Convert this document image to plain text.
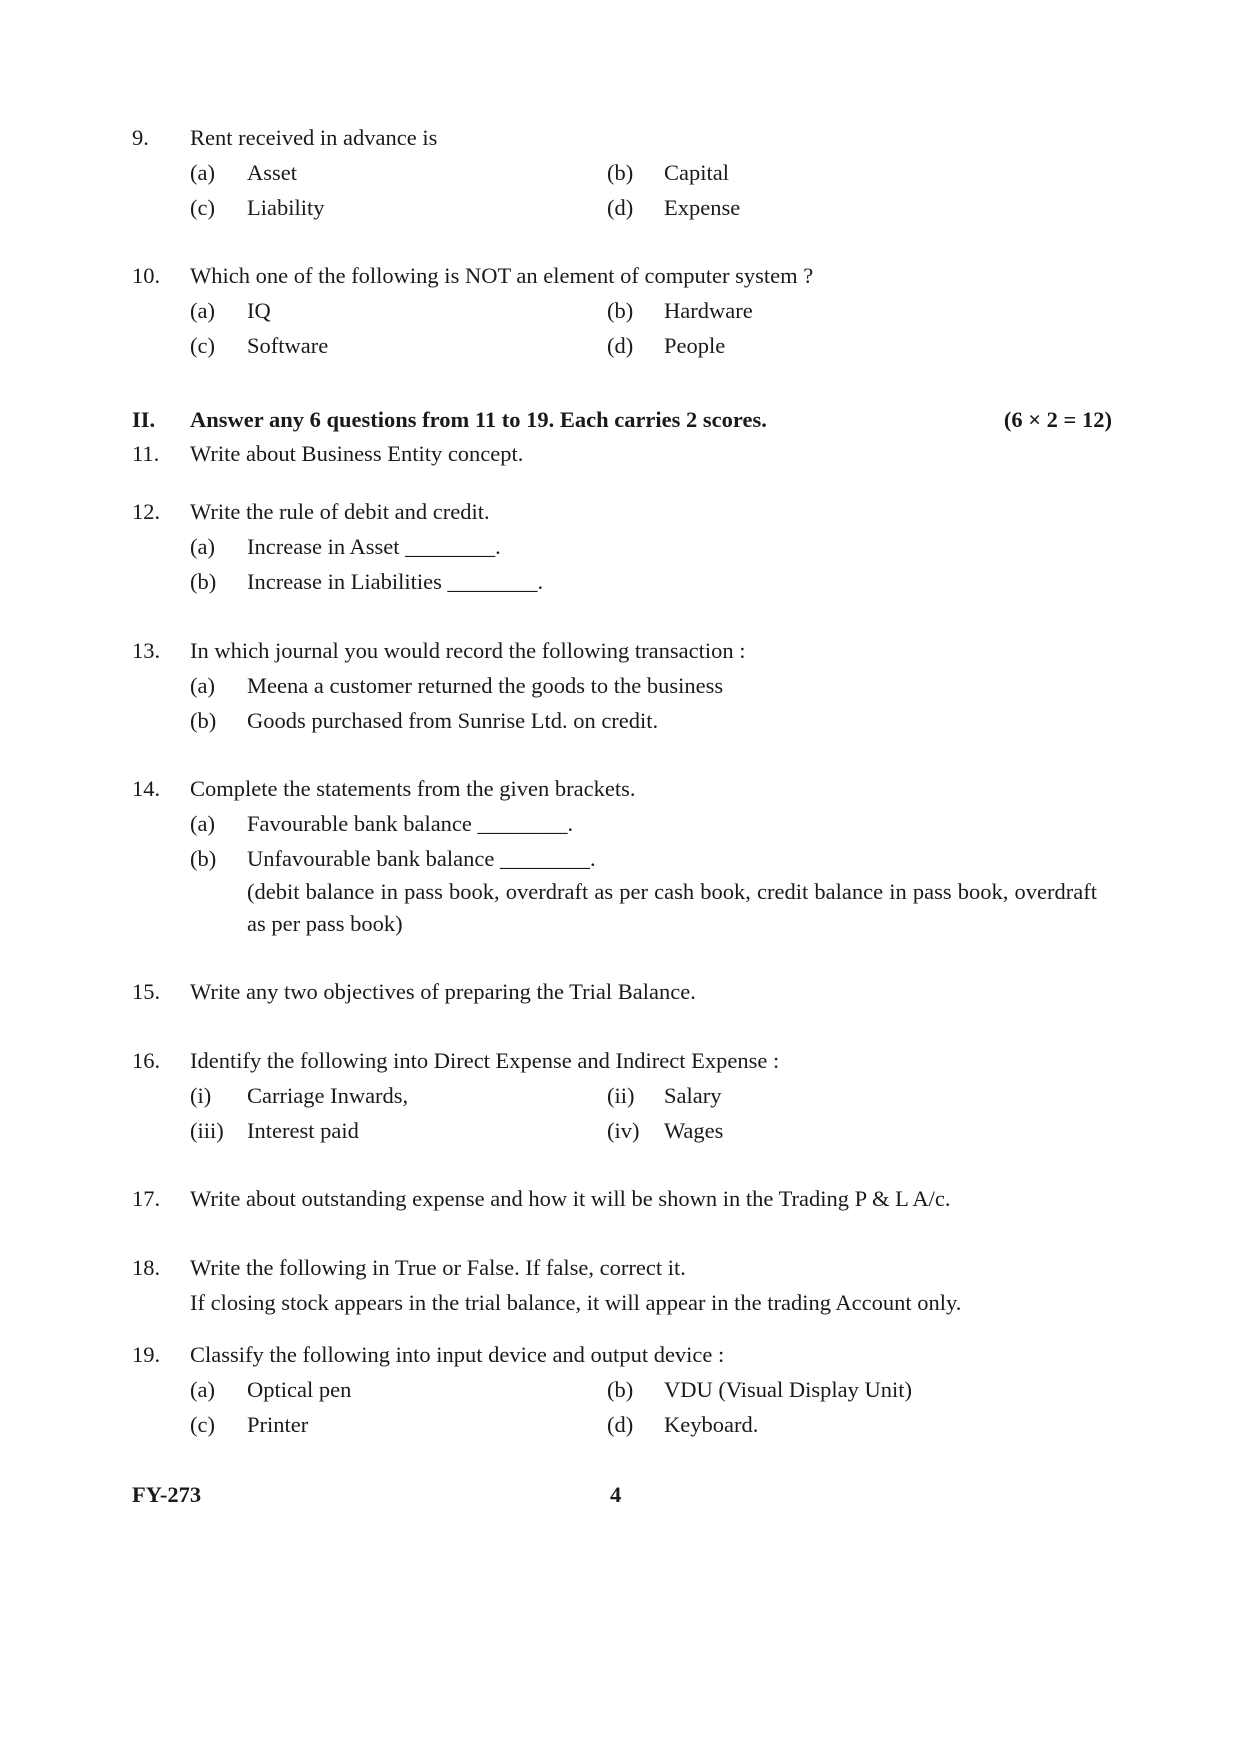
9. Rent received in advance is
(a) Asset	(b) Capital
(c) Liability	(d) Expense
10. Which one of the following is NOT an element of computer system ?
(a) IQ	(b) Hardware
(c) Software	(d) People
II. Answer any 6 questions from 11 to 19. Each carries 2 scores.	(6 × 2 = 12)
11. Write about Business Entity concept.
12. Write the rule of debit and credit.
(a) Increase in Asset ________.
(b) Increase in Liabilities ________.
13. In which journal you would record the following transaction :
(a) Meena a customer returned the goods to the business
(b) Goods purchased from Sunrise Ltd. on credit.
14. Complete the statements from the given brackets.
(a) Favourable bank balance ________.
(b) Unfavourable bank balance ________.
(debit balance in pass book, overdraft as per cash book, credit balance in pass book, overdraft as per pass book)
15. Write any two objectives of preparing the Trial Balance.
16. Identify the following into Direct Expense and Indirect Expense :
(i) Carriage Inwards,	(ii) Salary
(iii) Interest paid	(iv) Wages
17. Write about outstanding expense and how it will be shown in the Trading P & L A/c.
18. Write the following in True or False. If false, correct it.
If closing stock appears in the trial balance, it will appear in the trading Account only.
19. Classify the following into input device and output device :
(a) Optical pen	(b) VDU (Visual Display Unit)
(c) Printer	(d) Keyboard.
FY-273	4
